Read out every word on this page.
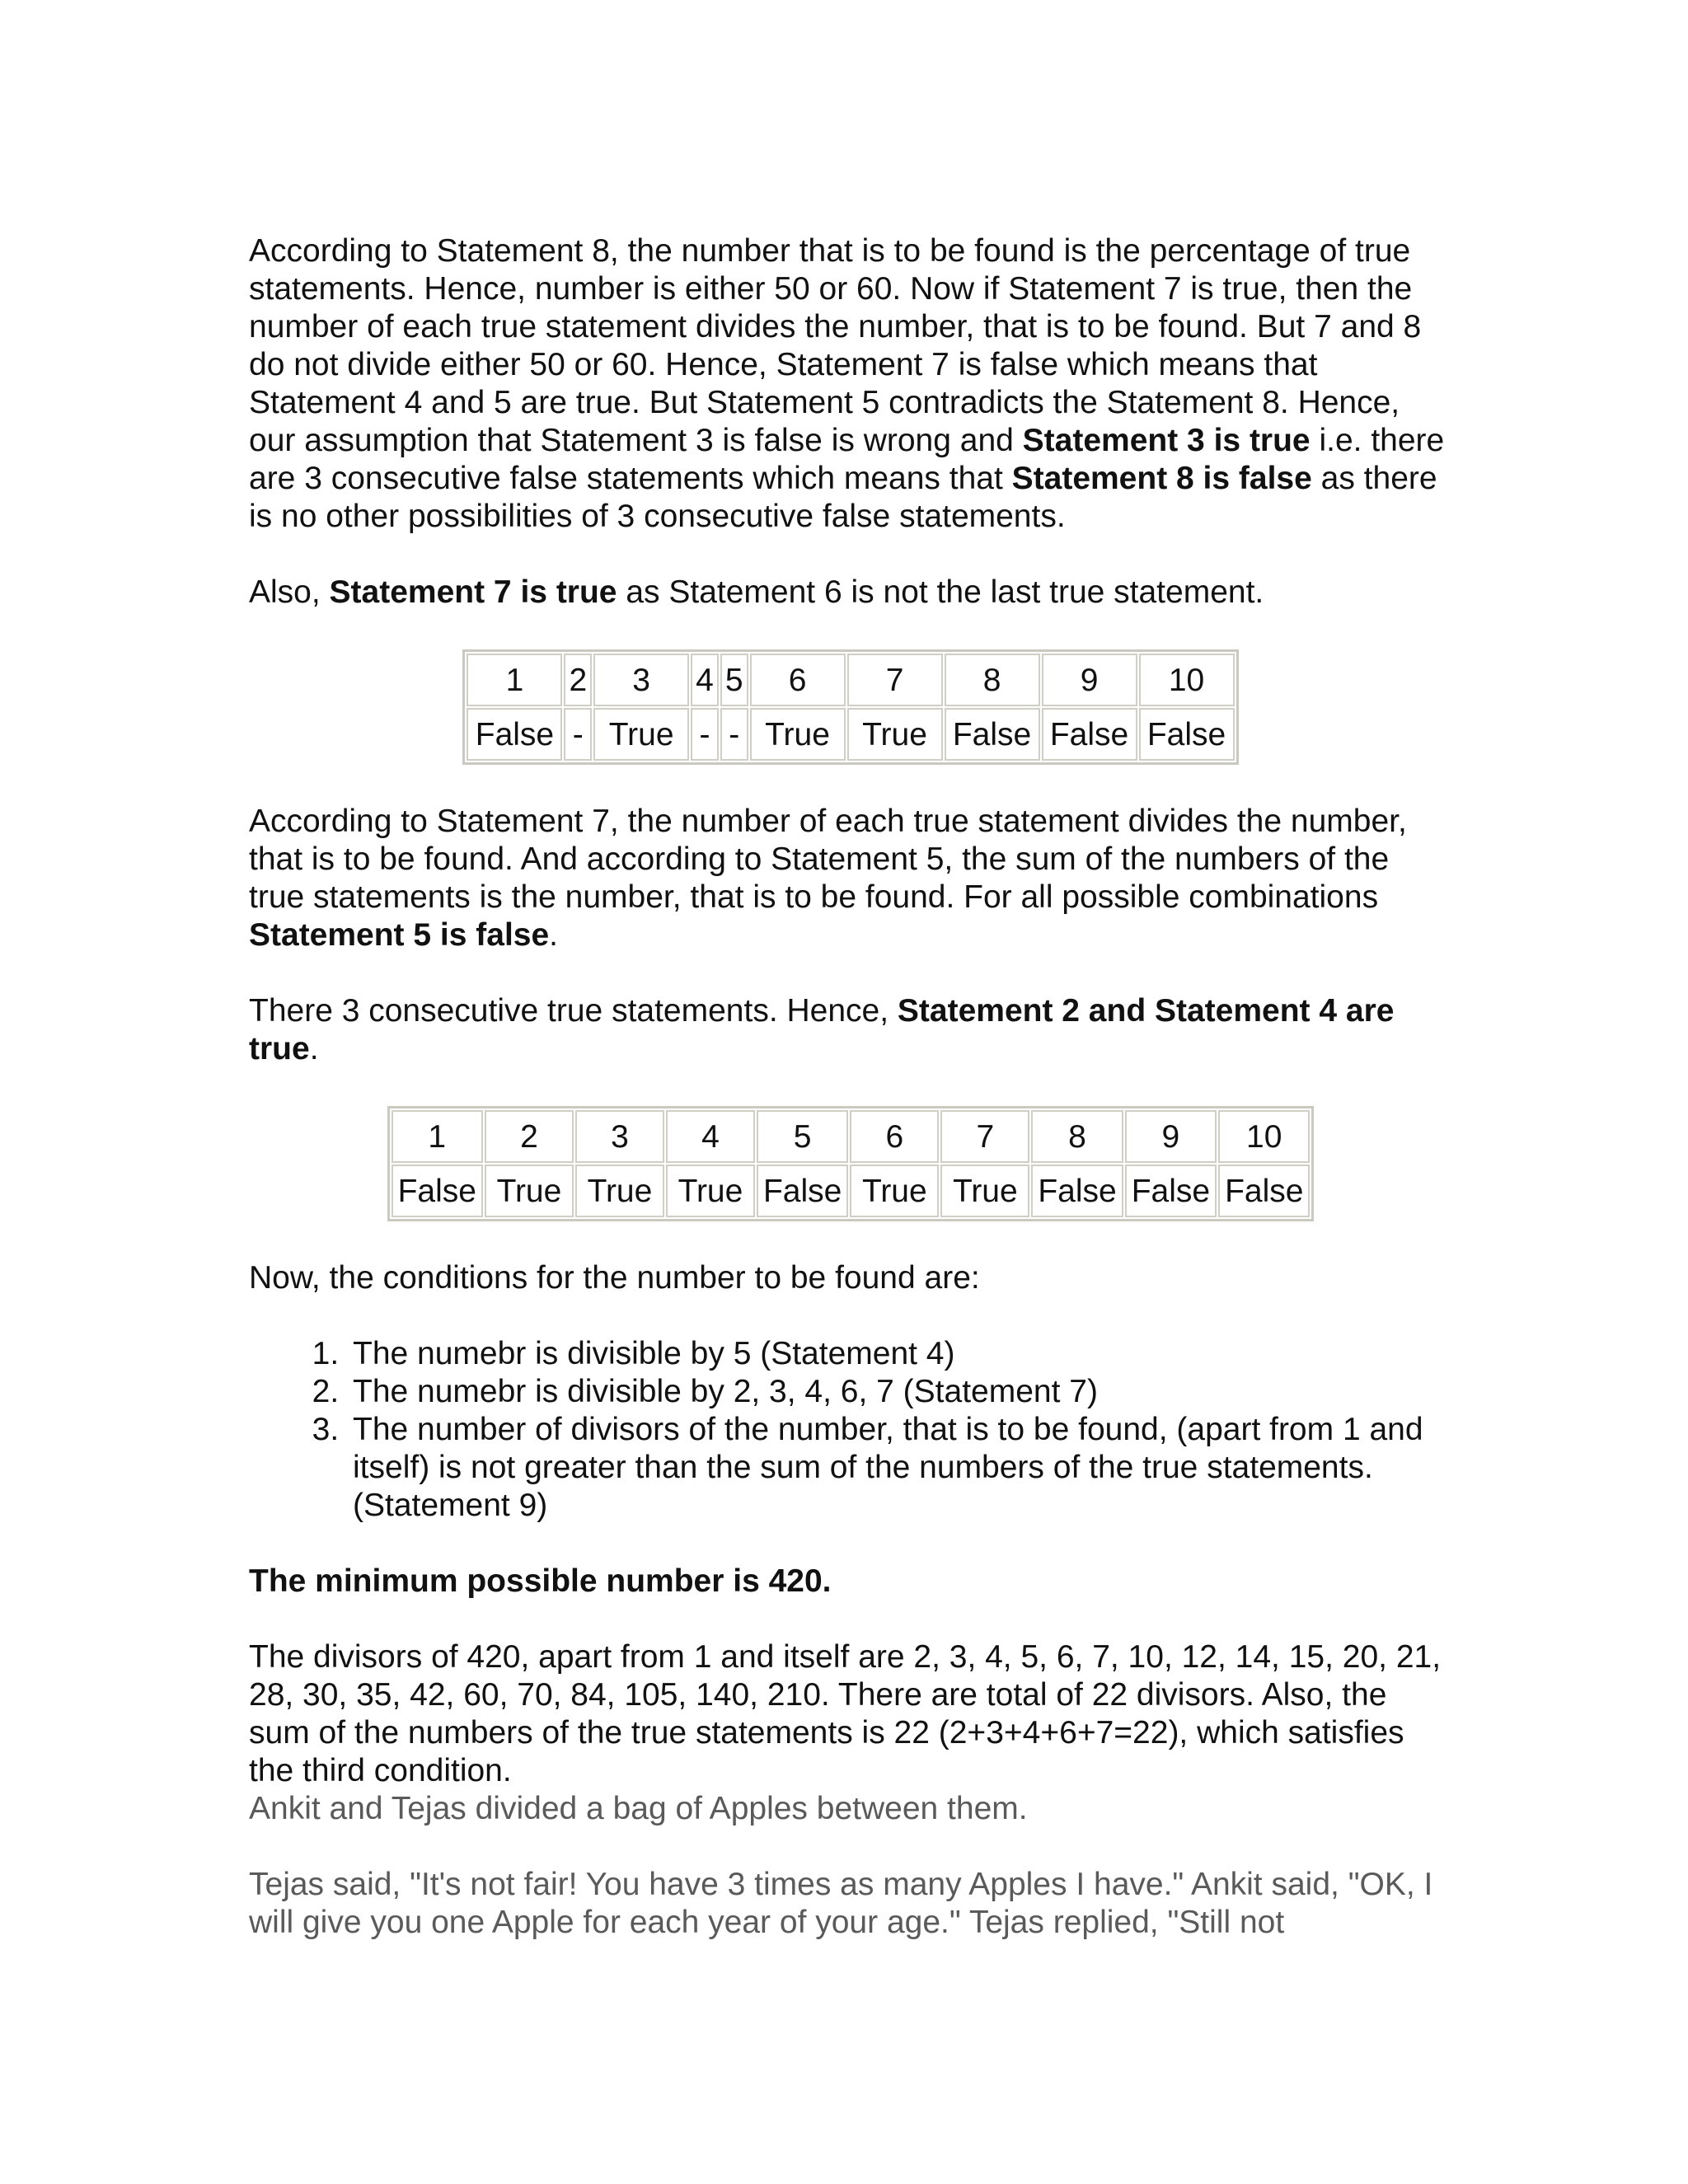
According to Statement 8, the number that is to be found is the percentage of true statements. Hence, number is either 50 or 60. Now if Statement 7 is true, then the number of each true statement divides the number, that is to be found. But 7 and 8 do not divide either 50 or 60. Hence, Statement 7 is false which means that Statement 4 and 5 are true. But Statement 5 contradicts the Statement 8. Hence, our assumption that Statement 3 is false is wrong and Statement 3 is true i.e. there are 3 consecutive false statements which means that Statement 8 is false as there is no other possibilities of 3 consecutive false statements.

Also, Statement 7 is true as Statement 6 is not the last true statement.

1	2	3	4	5	6	7	8	9	10
False	-	True	-	-	True	True	False	False	False

According to Statement 7, the number of each true statement divides the number, that is to be found. And according to Statement 5, the sum of the numbers of the true statements is the number, that is to be found. For all possible combinations Statement 5 is false.

There 3 consecutive true statements. Hence, Statement 2 and Statement 4 are true.

1	2	3	4	5	6	7	8	9	10
False	True	True	True	False	True	True	False	False	False

Now, the conditions for the number to be found are:

1. The numebr is divisible by 5 (Statement 4)
2. The numebr is divisible by 2, 3, 4, 6, 7 (Statement 7)
3. The number of divisors of the number, that is to be found, (apart from 1 and itself) is not greater than the sum of the numbers of the true statements. (Statement 9)

The minimum possible number is 420.

The divisors of 420, apart from 1 and itself are 2, 3, 4, 5, 6, 7, 10, 12, 14, 15, 20, 21, 28, 30, 35, 42, 60, 70, 84, 105, 140, 210. There are total of 22 divisors. Also, the sum of the numbers of the true statements is 22 (2+3+4+6+7=22), which satisfies the third condition.

Ankit and Tejas divided a bag of Apples between them.

Tejas said, "It's not fair! You have 3 times as many Apples I have." Ankit said, "OK, I will give you one Apple for each year of your age." Tejas replied, "Still not
